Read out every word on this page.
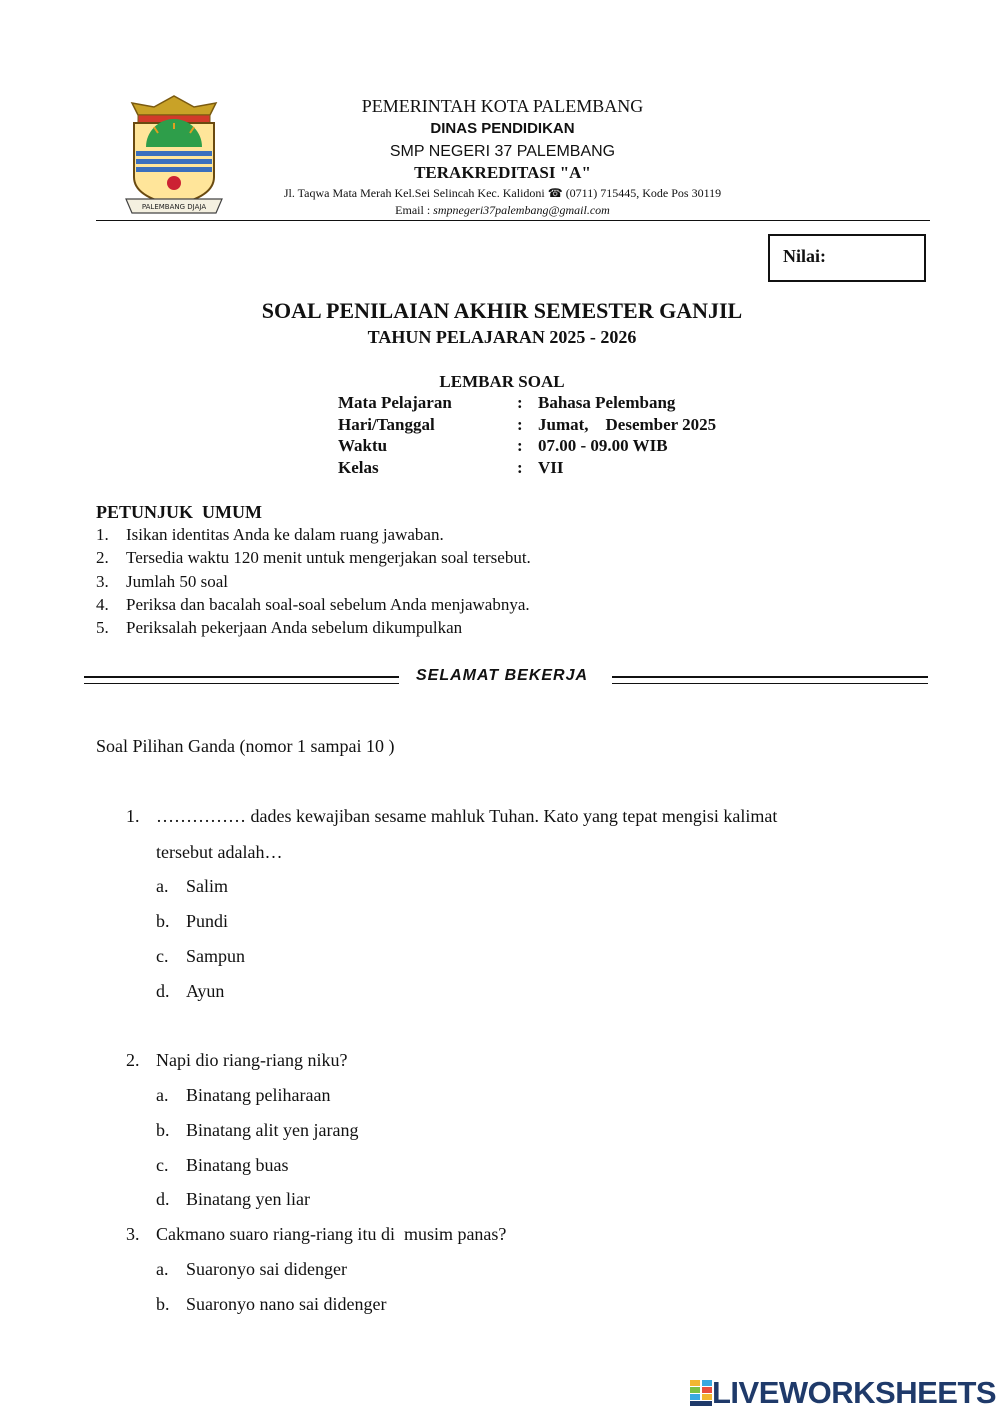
PALEMBANG DJAJA
PEMERINTAH KOTA PALEMBANG
DINAS PENDIDIKAN
SMP NEGERI 37 PALEMBANG
TERAKREDITASI "A"
Jl. Taqwa Mata Merah Kel.Sei Selincah Kec. Kalidoni ☎ (0711) 715445, Kode Pos 30119
Email : smpnegeri37palembang@gmail.com
Nilai:
SOAL PENILAIAN AKHIR SEMESTER GANJIL
TAHUN PELAJARAN 2025 - 2026
LEMBAR SOAL
Mata Pelajaran	: Bahasa Pelembang
Hari/Tanggal	: Jumat,    Desember 2025
Waktu	: 07.00 - 09.00 WIB
Kelas	: VII
PETUNJUK  UMUM
1. Isikan identitas Anda ke dalam ruang jawaban.
2. Tersedia waktu 120 menit untuk mengerjakan soal tersebut.
3. Jumlah 50 soal
4. Periksa dan bacalah soal-soal sebelum Anda menjawabnya.
5. Periksalah pekerjaan Anda sebelum dikumpulkan
SELAMAT BEKERJA
Soal Pilihan Ganda (nomor 1 sampai 10 )
1. …………… dades kewajiban sesame mahluk Tuhan. Kato yang tepat mengisi kalimat
tersebut adalah…
a. Salim
b. Pundi
c. Sampun
d. Ayun
2. Napi dio riang-riang niku?
a. Binatang peliharaan
b. Binatang alit yen jarang
c. Binatang buas
d. Binatang yen liar
3. Cakmano suaro riang-riang itu di  musim panas?
a. Suaronyo sai didenger
b. Suaronyo nano sai didenger
LIVEWORKSHEETS
